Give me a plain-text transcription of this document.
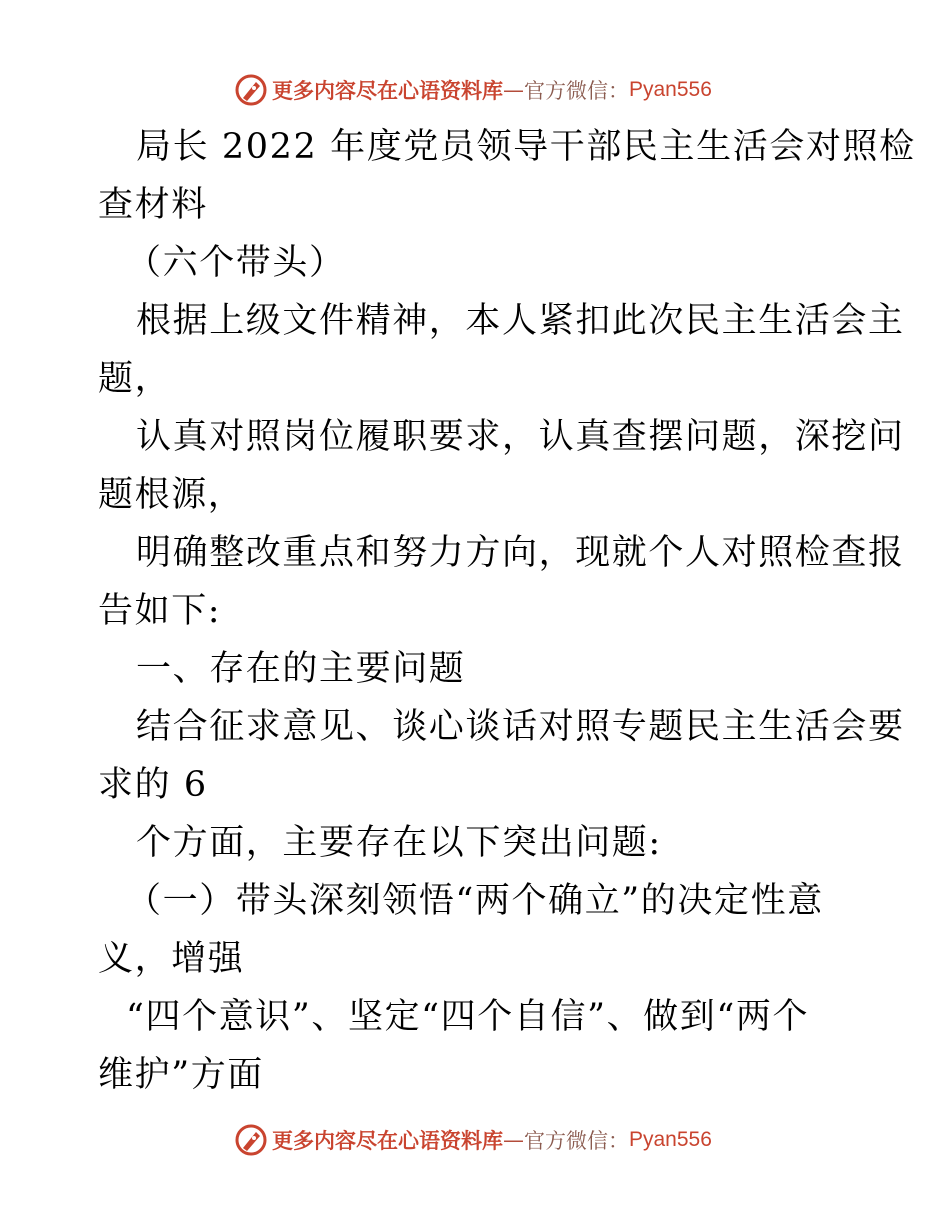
更多内容尽在心语资料库 — 官方微信： Pyan556
局长 2022 年度党员领导干部民主生活会对照检
查材料
（六个带头）
根据上级文件精神，本人紧扣此次民主生活会主
题，
认真对照岗位履职要求，认真查摆问题，深挖问
题根源，
明确整改重点和努力方向，现就个人对照检查报
告如下:
一、存在的主要问题
结合征求意见、谈心谈话对照专题民主生活会要
求的 6
个方面，主要存在以下突出问题:
（一）带头深刻领悟“两个确立”的决定性意
义，增强
“四个意识”、坚定“四个自信”、做到“两个
维护”方面
更多内容尽在心语资料库 — 官方微信： Pyan556
